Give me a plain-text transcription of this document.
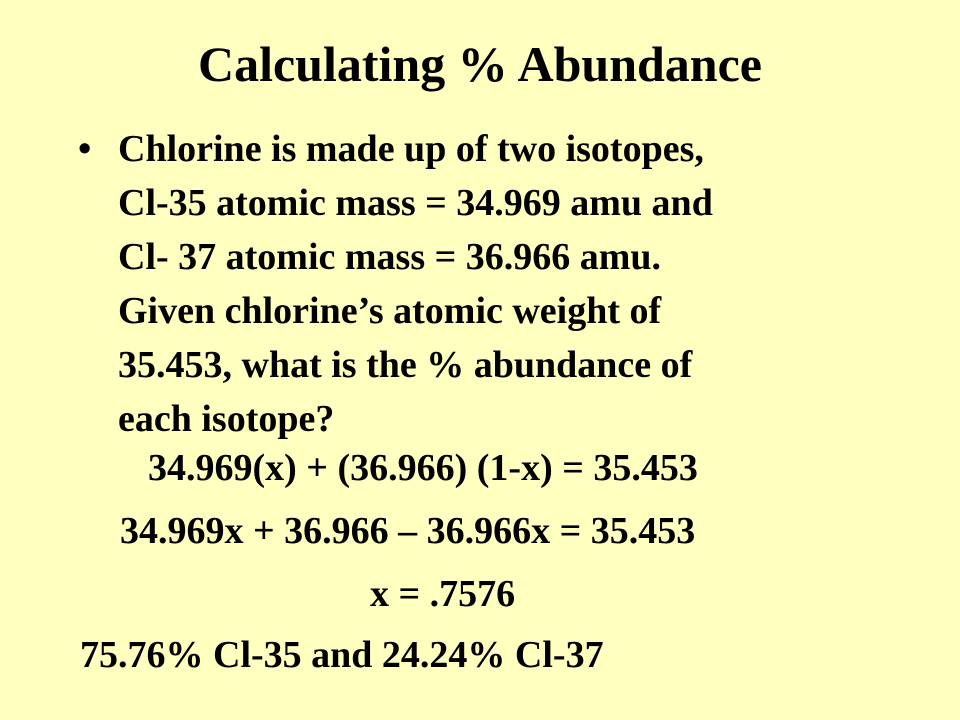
Calculating % Abundance
• Chlorine is made up of two isotopes,
Cl-35 atomic mass = 34.969 amu and
Cl- 37 atomic mass = 36.966 amu.
Given chlorine’s atomic weight of
35.453, what is the % abundance of
each isotope?

34.969(x) + (36.966) (1-x) = 35.453

34.969x + 36.966 – 36.966x = 35.453

x = .7576

75.76% Cl-35 and 24.24% Cl-37
